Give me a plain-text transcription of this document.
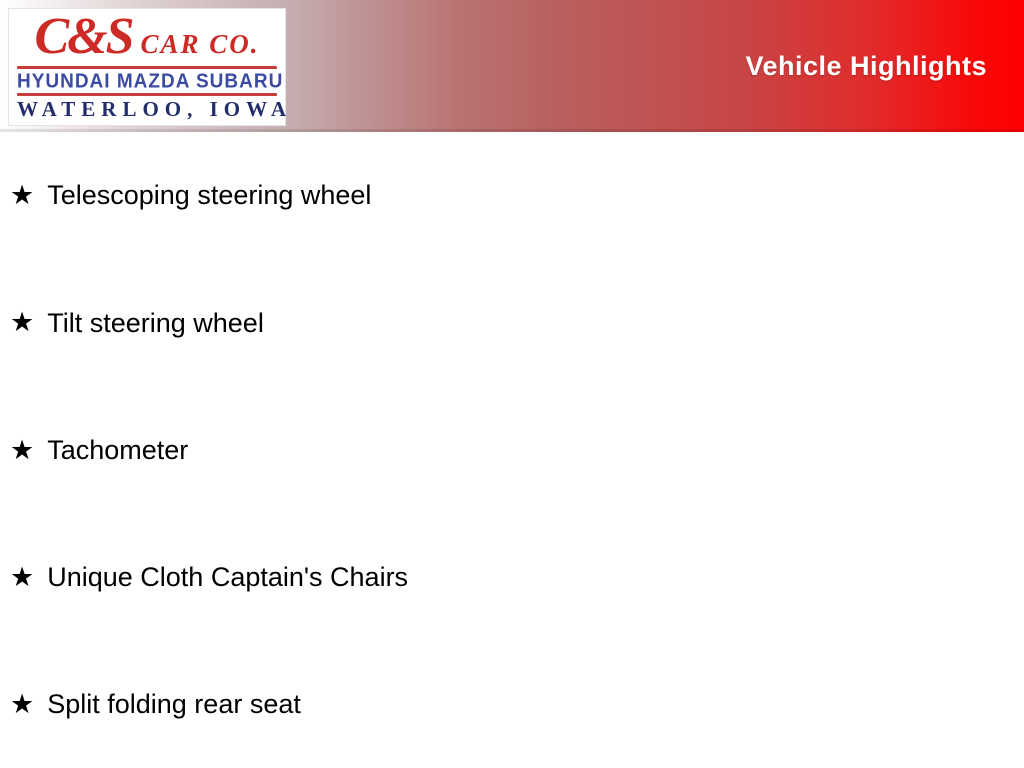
C&S CAR CO.
HYUNDAI MAZDA SUBARU
WATERLOO, IOWA
Vehicle Highlights
★ Telescoping steering wheel
★ Tilt steering wheel
★ Tachometer
★ Unique Cloth Captain's Chairs
★ Split folding rear seat
